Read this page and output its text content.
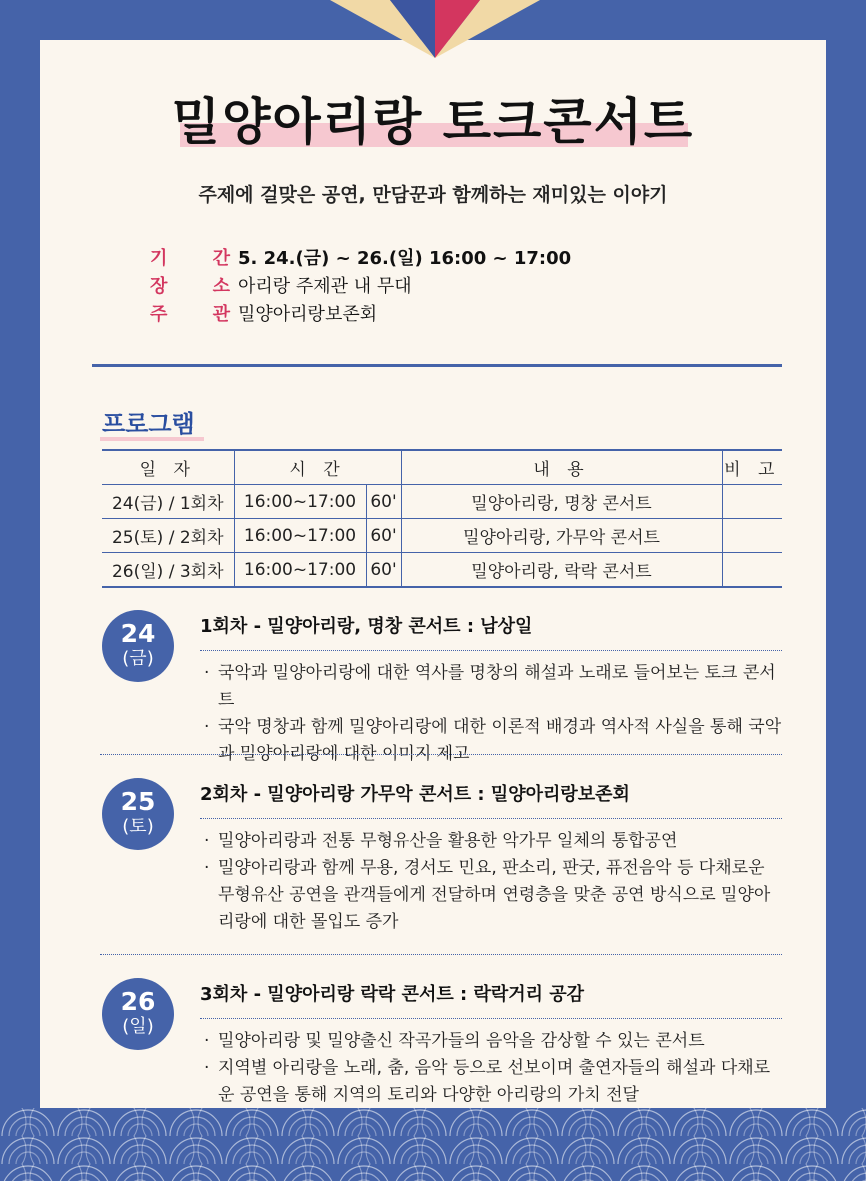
밀양아리랑 토크콘서트
주제에 걸맞은 공연, 만담꾼과 함께하는 재미있는 이야기
기	간 5. 24.(금) ~ 26.(일) 16:00 ~ 17:00
장	소 아리랑 주제관 내 무대
주	관 밀양아리랑보존회
프로그램
일 자	시 간		내 용	비 고
24(금) / 1회차	16:00~17:00	60'	밀양아리랑, 명창 콘서트	
25(토) / 2회차	16:00~17:00	60'	밀양아리랑, 가무악 콘서트	
26(일) / 3회차	16:00~17:00	60'	밀양아리랑, 락락 콘서트	
24
(금)
1회차 - 밀양아리랑, 명창 콘서트 : 남상일
· 국악과 밀양아리랑에 대한 역사를 명창의 해설과 노래로 들어보는 토크 콘서트
· 국악 명창과 함께 밀양아리랑에 대한 이론적 배경과 역사적 사실을 통해 국악과 밀양아리랑에 대한 이미지 제고
25
(토)
2회차 - 밀양아리랑 가무악 콘서트 : 밀양아리랑보존회
· 밀양아리랑과 전통 무형유산을 활용한 악가무 일체의 통합공연
· 밀양아리랑과 함께 무용, 경서도 민요, 판소리, 판굿, 퓨전음악 등 다채로운 무형유산 공연을 관객들에게 전달하며 연령층을 맞춘 공연 방식으로 밀양아리랑에 대한 몰입도 증가
26
(일)
3회차 - 밀양아리랑 락락 콘서트 : 락락거리 공감
· 밀양아리랑 및 밀양출신 작곡가들의 음악을 감상할 수 있는 콘서트
· 지역별 아리랑을 노래, 춤, 음악 등으로 선보이며 출연자들의 해설과 다채로운 공연을 통해 지역의 토리와 다양한 아리랑의 가치 전달
